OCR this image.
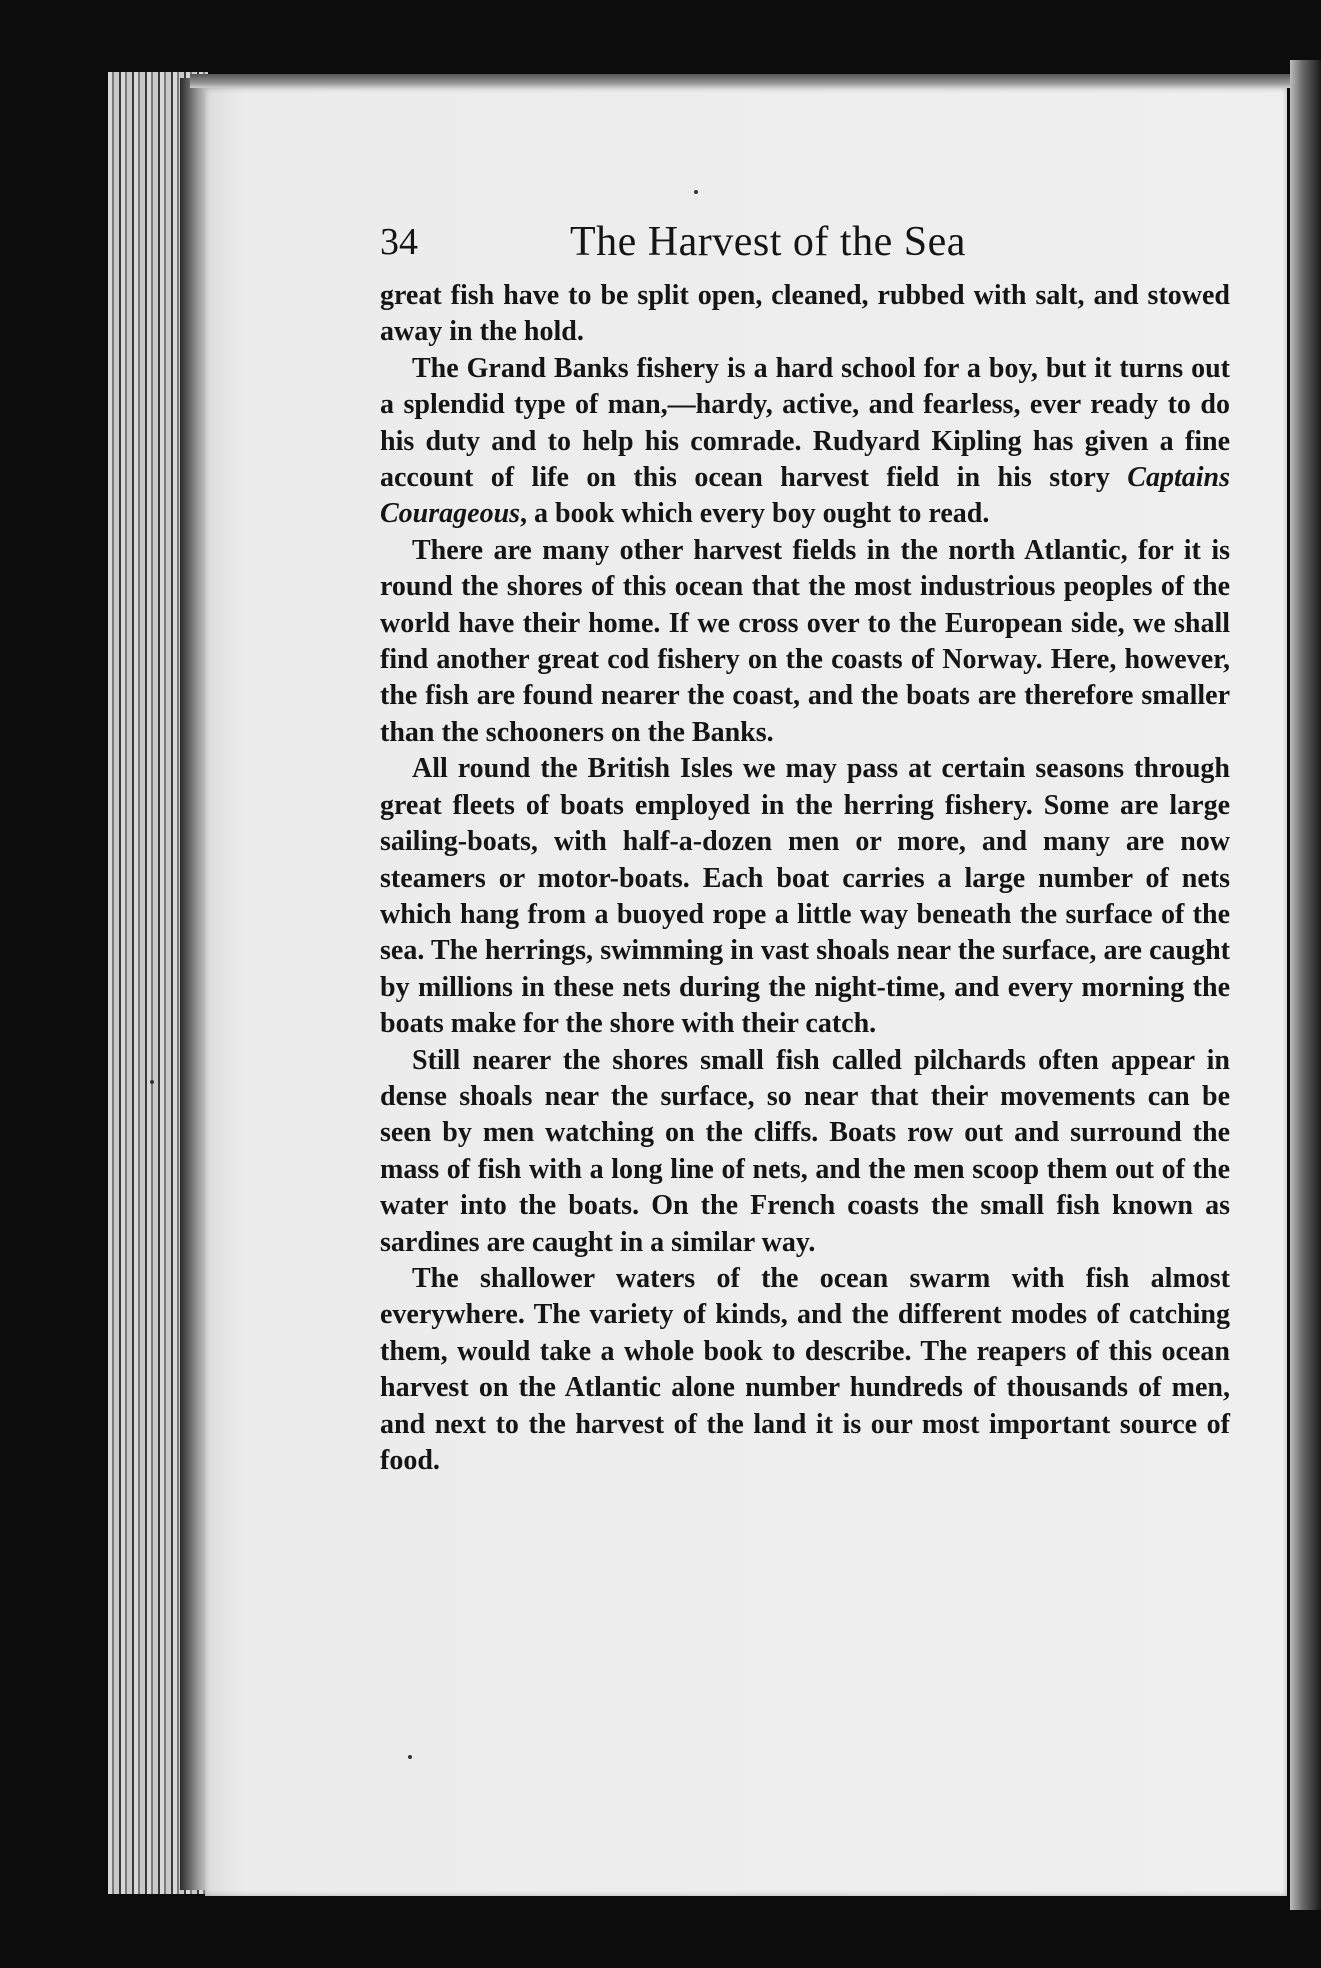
34	The Harvest of the Sea

great fish have to be split open, cleaned, rubbed with salt, and stowed away in the hold.

The Grand Banks fishery is a hard school for a boy, but it turns out a splendid type of man,—hardy, active, and fearless, ever ready to do his duty and to help his comrade. Rudyard Kipling has given a fine account of life on this ocean harvest field in his story Captains Courageous, a book which every boy ought to read.

There are many other harvest fields in the north Atlantic, for it is round the shores of this ocean that the most industrious peoples of the world have their home. If we cross over to the European side, we shall find another great cod fishery on the coasts of Norway. Here, however, the fish are found nearer the coast, and the boats are therefore smaller than the schooners on the Banks.

All round the British Isles we may pass at certain seasons through great fleets of boats employed in the herring fishery. Some are large sailing-boats, with half-a-dozen men or more, and many are now steamers or motor-boats. Each boat carries a large number of nets which hang from a buoyed rope a little way beneath the surface of the sea. The herrings, swimming in vast shoals near the surface, are caught by millions in these nets during the night-time, and every morning the boats make for the shore with their catch.

Still nearer the shores small fish called pilchards often appear in dense shoals near the surface, so near that their movements can be seen by men watching on the cliffs. Boats row out and surround the mass of fish with a long line of nets, and the men scoop them out of the water into the boats. On the French coasts the small fish known as sardines are caught in a similar way.

The shallower waters of the ocean swarm with fish almost everywhere. The variety of kinds, and the different modes of catching them, would take a whole book to describe. The reapers of this ocean harvest on the Atlantic alone number hundreds of thousands of men, and next to the harvest of the land it is our most important source of food.
